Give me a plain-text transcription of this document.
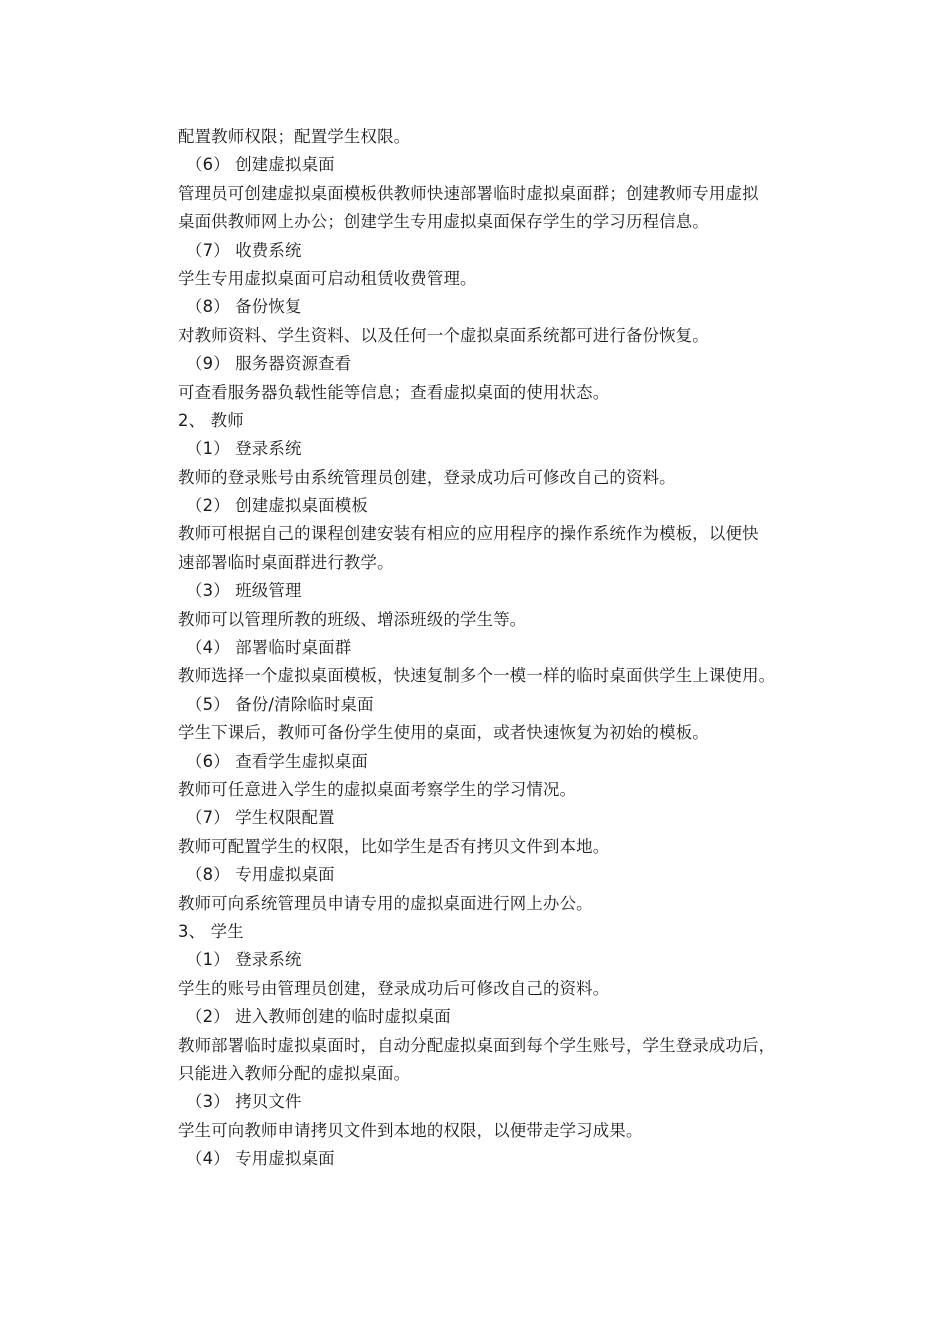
配置教师权限；配置学生权限。
（6） 创建虚拟桌面
管理员可创建虚拟桌面模板供教师快速部署临时虚拟桌面群；创建教师专用虚拟
桌面供教师网上办公；创建学生专用虚拟桌面保存学生的学习历程信息。
（7） 收费系统
学生专用虚拟桌面可启动租赁收费管理。
（8） 备份恢复
对教师资料、学生资料、以及任何一个虚拟桌面系统都可进行备份恢复。
（9） 服务器资源查看
可查看服务器负载性能等信息；查看虚拟桌面的使用状态。
2、 教师
（1） 登录系统
教师的登录账号由系统管理员创建，登录成功后可修改自己的资料。
（2） 创建虚拟桌面模板
教师可根据自己的课程创建安装有相应的应用程序的操作系统作为模板，以便快
速部署临时桌面群进行教学。
（3） 班级管理
教师可以管理所教的班级、增添班级的学生等。
（4） 部署临时桌面群
教师选择一个虚拟桌面模板，快速复制多个一模一样的临时桌面供学生上课使用。
（5） 备份/清除临时桌面
学生下课后，教师可备份学生使用的桌面，或者快速恢复为初始的模板。
（6） 查看学生虚拟桌面
教师可任意进入学生的虚拟桌面考察学生的学习情况。
（7） 学生权限配置
教师可配置学生的权限，比如学生是否有拷贝文件到本地。
（8） 专用虚拟桌面
教师可向系统管理员申请专用的虚拟桌面进行网上办公。
3、 学生
（1） 登录系统
学生的账号由管理员创建，登录成功后可修改自己的资料。
（2） 进入教师创建的临时虚拟桌面
教师部署临时虚拟桌面时，自动分配虚拟桌面到每个学生账号，学生登录成功后，
只能进入教师分配的虚拟桌面。
（3） 拷贝文件
学生可向教师申请拷贝文件到本地的权限，以便带走学习成果。
（4） 专用虚拟桌面
